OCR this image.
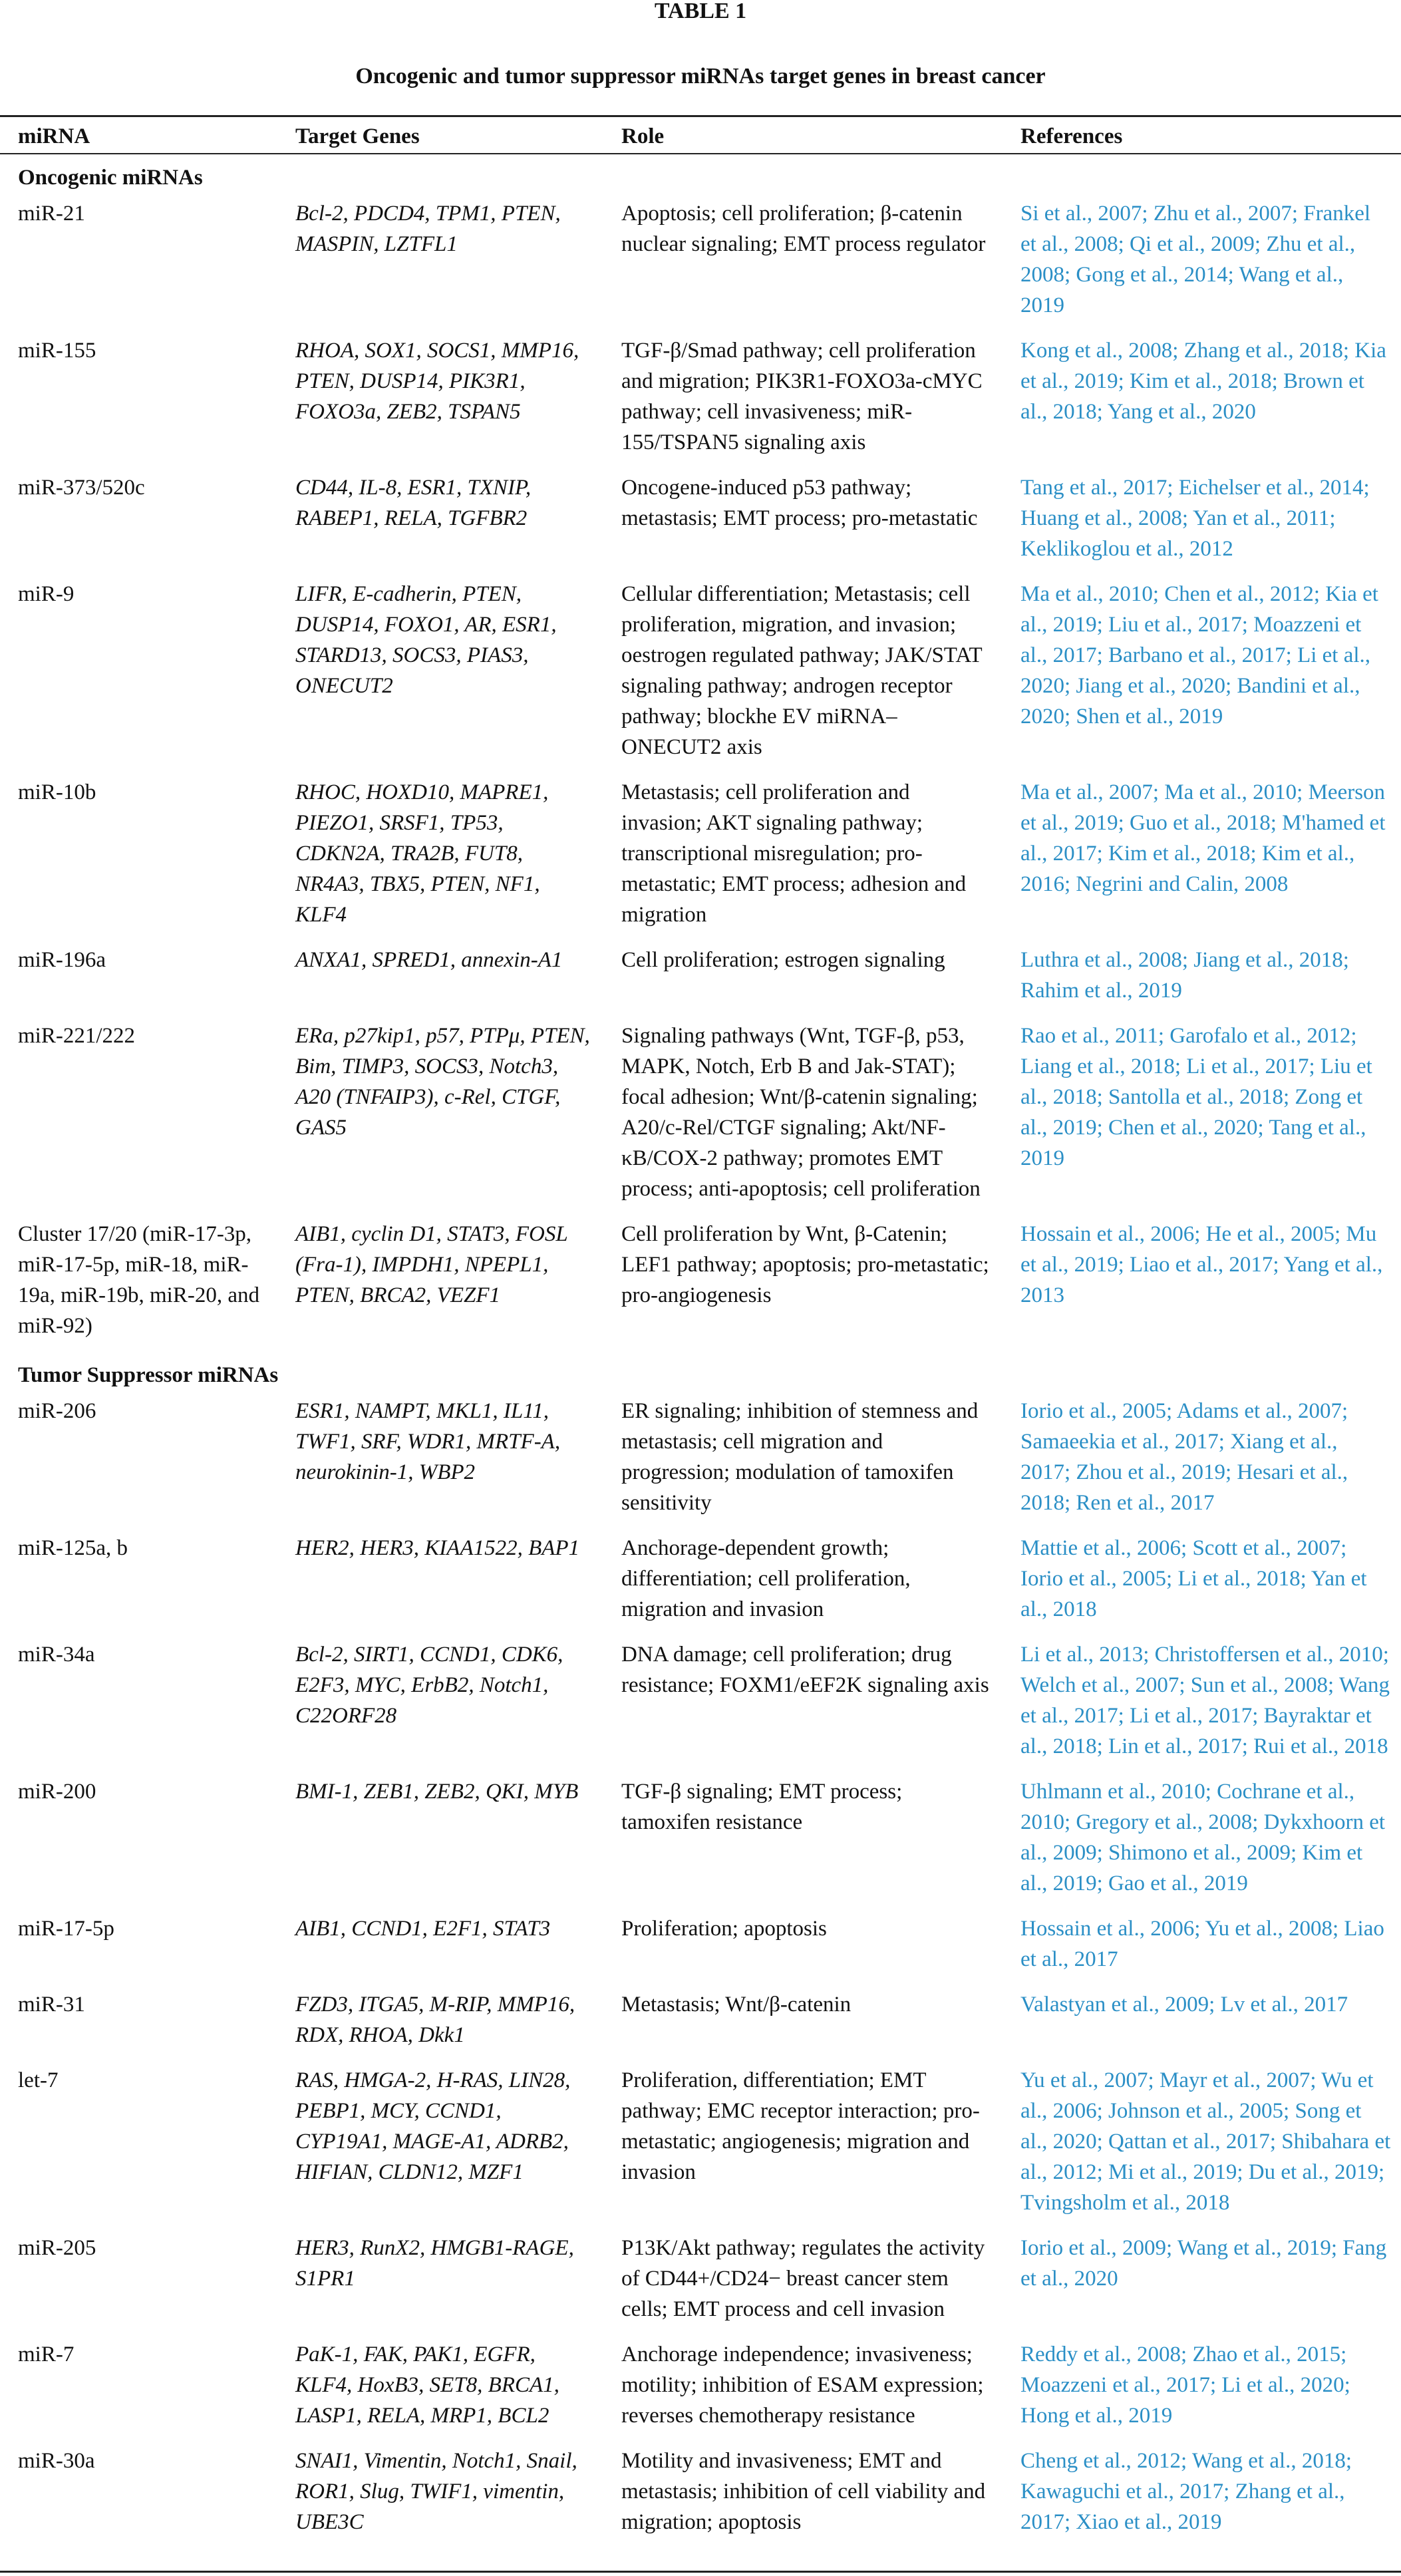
TABLE 1
Oncogenic and tumor suppressor miRNAs target genes in breast cancer
miRNA	Target Genes	Role	References
Oncogenic miRNAs			
miR-21	Bcl-2, PDCD4, TPM1, PTEN, MASPIN, LZTFL1	Apoptosis; cell proliferation; β-catenin nuclear signaling; EMT process regulator	Si et al., 2007; Zhu et al., 2007; Frankel et al., 2008; Qi et al., 2009; Zhu et al., 2008; Gong et al., 2014; Wang et al., 2019
miR-155	RHOA, SOX1, SOCS1, MMP16, PTEN, DUSP14, PIK3R1, FOXO3a, ZEB2, TSPAN5	TGF-β/Smad pathway; cell proliferation and migration; PIK3R1-FOXO3a-cMYC pathway; cell invasiveness; miR-155/TSPAN5 signaling axis	Kong et al., 2008; Zhang et al., 2018; Kia et al., 2019; Kim et al., 2018; Brown et al., 2018; Yang et al., 2020
miR-373/520c	CD44, IL-8, ESR1, TXNIP, RABEP1, RELA, TGFBR2	Oncogene-induced p53 pathway; metastasis; EMT process; pro-metastatic	Tang et al., 2017; Eichelser et al., 2014; Huang et al., 2008; Yan et al., 2011; Keklikoglou et al., 2012
miR-9	LIFR, E-cadherin, PTEN, DUSP14, FOXO1, AR, ESR1, STARD13, SOCS3, PIAS3, ONECUT2	Cellular differentiation; Metastasis; cell proliferation, migration, and invasion; oestrogen regulated pathway; JAK/STAT signaling pathway; androgen receptor pathway; blockhe EV miRNA–ONECUT2 axis	Ma et al., 2010; Chen et al., 2012; Kia et al., 2019; Liu et al., 2017; Moazzeni et al., 2017; Barbano et al., 2017; Li et al., 2020; Jiang et al., 2020; Bandini et al., 2020; Shen et al., 2019
miR-10b	RHOC, HOXD10, MAPRE1, PIEZO1, SRSF1, TP53, CDKN2A, TRA2B, FUT8, NR4A3, TBX5, PTEN, NF1, KLF4	Metastasis; cell proliferation and invasion; AKT signaling pathway; transcriptional misregulation; pro-metastatic; EMT process; adhesion and migration	Ma et al., 2007; Ma et al., 2010; Meerson et al., 2019; Guo et al., 2018; M'hamed et al., 2017; Kim et al., 2018; Kim et al., 2016; Negrini and Calin, 2008
miR-196a	ANXA1, SPRED1, annexin-A1	Cell proliferation; estrogen signaling	Luthra et al., 2008; Jiang et al., 2018; Rahim et al., 2019
miR-221/222	ERa, p27kip1, p57, PTPμ, PTEN, Bim, TIMP3, SOCS3, Notch3, A20 (TNFAIP3), c-Rel, CTGF, GAS5	Signaling pathways (Wnt, TGF-β, p53, MAPK, Notch, Erb B and Jak-STAT); focal adhesion; Wnt/β-catenin signaling; A20/c-Rel/CTGF signaling; Akt/NF-κB/COX-2 pathway; promotes EMT process; anti-apoptosis; cell proliferation	Rao et al., 2011; Garofalo et al., 2012; Liang et al., 2018; Li et al., 2017; Liu et al., 2018; Santolla et al., 2018; Zong et al., 2019; Chen et al., 2020; Tang et al., 2019
Cluster 17/20 (miR-17-3p, miR-17-5p, miR-18, miR-19a, miR-19b, miR-20, and miR-92)	AIB1, cyclin D1, STAT3, FOSL (Fra-1), IMPDH1, NPEPL1, PTEN, BRCA2, VEZF1	Cell proliferation by Wnt, β-Catenin; LEF1 pathway; apoptosis; pro-metastatic; pro-angiogenesis	Hossain et al., 2006; He et al., 2005; Mu et al., 2019; Liao et al., 2017; Yang et al., 2013
Tumor Suppressor miRNAs			
miR-206	ESR1, NAMPT, MKL1, IL11, TWF1, SRF, WDR1, MRTF-A, neurokinin-1, WBP2	ER signaling; inhibition of stemness and metastasis; cell migration and progression; modulation of tamoxifen sensitivity	Iorio et al., 2005; Adams et al., 2007; Samaeekia et al., 2017; Xiang et al., 2017; Zhou et al., 2019; Hesari et al., 2018; Ren et al., 2017
miR-125a, b	HER2, HER3, KIAA1522, BAP1	Anchorage-dependent growth; differentiation; cell proliferation, migration and invasion	Mattie et al., 2006; Scott et al., 2007; Iorio et al., 2005; Li et al., 2018; Yan et al., 2018
miR-34a	Bcl-2, SIRT1, CCND1, CDK6, E2F3, MYC, ErbB2, Notch1, C22ORF28	DNA damage; cell proliferation; drug resistance; FOXM1/eEF2K signaling axis	Li et al., 2013; Christoffersen et al., 2010; Welch et al., 2007; Sun et al., 2008; Wang et al., 2017; Li et al., 2017; Bayraktar et al., 2018; Lin et al., 2017; Rui et al., 2018
miR-200	BMI-1, ZEB1, ZEB2, QKI, MYB	TGF-β signaling; EMT process; tamoxifen resistance	Uhlmann et al., 2010; Cochrane et al., 2010; Gregory et al., 2008; Dykxhoorn et al., 2009; Shimono et al., 2009; Kim et al., 2019; Gao et al., 2019
miR-17-5p	AIB1, CCND1, E2F1, STAT3	Proliferation; apoptosis	Hossain et al., 2006; Yu et al., 2008; Liao et al., 2017
miR-31	FZD3, ITGA5, M-RIP, MMP16, RDX, RHOA, Dkk1	Metastasis; Wnt/β-catenin	Valastyan et al., 2009; Lv et al., 2017
let-7	RAS, HMGA-2, H-RAS, LIN28, PEBP1, MCY, CCND1, CYP19A1, MAGE-A1, ADRB2, HIFIAN, CLDN12, MZF1	Proliferation, differentiation; EMT pathway; EMC receptor interaction; pro-metastatic; angiogenesis; migration and invasion	Yu et al., 2007; Mayr et al., 2007; Wu et al., 2006; Johnson et al., 2005; Song et al., 2020; Qattan et al., 2017; Shibahara et al., 2012; Mi et al., 2019; Du et al., 2019; Tvingsholm et al., 2018
miR-205	HER3, RunX2, HMGB1-RAGE, S1PR1	P13K/Akt pathway; regulates the activity of CD44+/CD24− breast cancer stem cells; EMT process and cell invasion	Iorio et al., 2009; Wang et al., 2019; Fang et al., 2020
miR-7	PaK-1, FAK, PAK1, EGFR, KLF4, HoxB3, SET8, BRCA1, LASP1, RELA, MRP1, BCL2	Anchorage independence; invasiveness; motility; inhibition of ESAM expression; reverses chemotherapy resistance	Reddy et al., 2008; Zhao et al., 2015; Moazzeni et al., 2017; Li et al., 2020; Hong et al., 2019
miR-30a	SNAI1, Vimentin, Notch1, Snail, ROR1, Slug, TWIF1, vimentin, UBE3C	Motility and invasiveness; EMT and metastasis; inhibition of cell viability and migration; apoptosis	Cheng et al., 2012; Wang et al., 2018; Kawaguchi et al., 2017; Zhang et al., 2017; Xiao et al., 2019
